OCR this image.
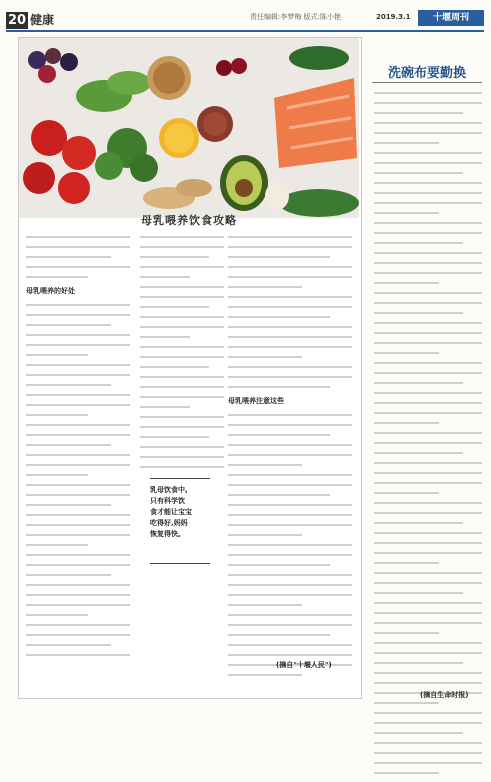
20 健康	责任编辑:李梦梅 版式:陈小艳	2019.3.1	十堰周刊
母乳喂养饮食攻略
母乳喂养的好处
乳母饮食中,
只有科学饮
食才能让宝宝
吃得好,妈妈
恢复得快。
母乳喂养注意这些
(摘自"十堰人民")
洗碗布要勤换
(摘自生命时报)
